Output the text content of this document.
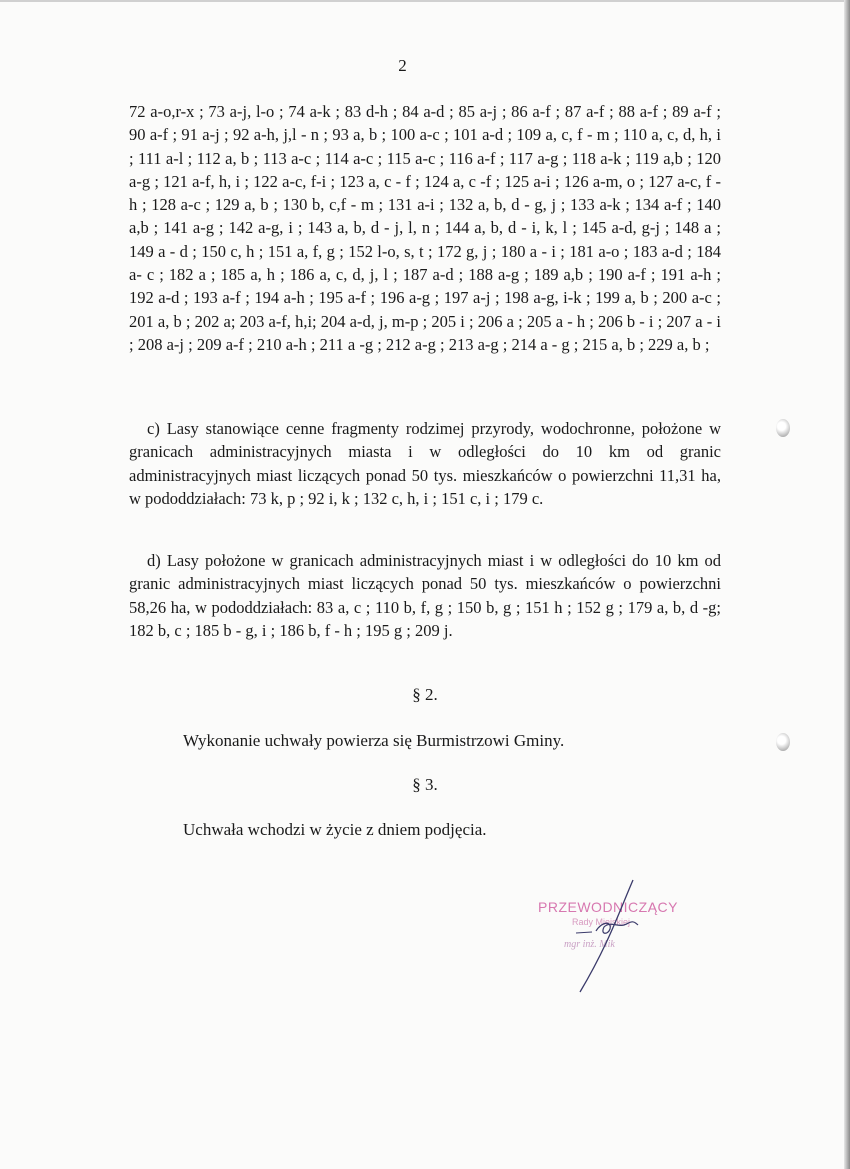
2

72 a-o,r-x ; 73 a-j, l-o ; 74 a-k ; 83 d-h ; 84 a-d ; 85 a-j ; 86 a-f ; 87 a-f ; 88 a-f ; 89 a-f ; 90 a-f ; 91 a-j ; 92 a-h, j,l - n ; 93 a, b ; 100 a-c ; 101 a-d ; 109 a, c, f - m ; 110 a, c, d, h, i ; 111 a-l ; 112 a, b ; 113 a-c ; 114 a-c ; 115 a-c ; 116 a-f ; 117 a-g ; 118 a-k ; 119 a,b ; 120 a-g ; 121 a-f, h, i ; 122 a-c, f-i ; 123 a, c - f ; 124 a, c -f ; 125 a-i ; 126 a-m, o ; 127 a-c, f -h ; 128 a-c ; 129 a, b ; 130 b, c,f - m ; 131 a-i ; 132 a, b, d - g, j ; 133 a-k ; 134 a-f ; 140 a,b ; 141 a-g ; 142 a-g, i ; 143 a, b, d - j, l, n ; 144 a, b, d - i, k, l ; 145 a-d, g-j ; 148 a ; 149 a - d ; 150 c, h ; 151 a, f, g ; 152 l-o, s, t ; 172 g, j ; 180 a - i ; 181 a-o ; 183 a-d ; 184 a- c ; 182 a ; 185 a, h ; 186 a, c, d, j, l ; 187 a-d ; 188 a-g ; 189 a,b ; 190 a-f ; 191 a-h ; 192 a-d ; 193 a-f ; 194 a-h ; 195 a-f ; 196 a-g ; 197 a-j ; 198 a-g, i-k ; 199 a, b ; 200 a-c ; 201 a, b ; 202 a; 203 a-f, h,i; 204 a-d, j, m-p ; 205 i ; 206 a ; 205 a - h ; 206 b - i ; 207 a - i ; 208 a-j ; 209 a-f ; 210 a-h ; 211 a -g ; 212 a-g ; 213 a-g ; 214 a - g ; 215 a, b ; 229 a, b ;

c) Lasy stanowiące cenne fragmenty rodzimej przyrody, wodochronne, położone w granicach administracyjnych miasta i w odległości do 10 km od granic administracyjnych miast liczących ponad 50 tys. mieszkańców o powierzchni 11,31 ha, w pododdziałach: 73 k, p ; 92 i, k ; 132 c, h, i ; 151 c, i ; 179 c.

d) Lasy położone w granicach administracyjnych miast i w odległości do 10 km od granic administracyjnych miast liczących ponad 50 tys. mieszkańców o powierzchni 58,26 ha, w pododdziałach: 83 a, c ; 110 b, f, g ; 150 b, g ; 151 h ; 152 g ; 179 a, b, d -g; 182 b, c ; 185 b - g, i ; 186 b, f - h ; 195 g ; 209 j.

§ 2.
Wykonanie uchwały powierza się Burmistrzowi Gminy.
§ 3.
Uchwała wchodzi w życie z dniem podjęcia.
PRZEWODNICZĄCY
Rady Miejskiej
mgr inż. Mik
